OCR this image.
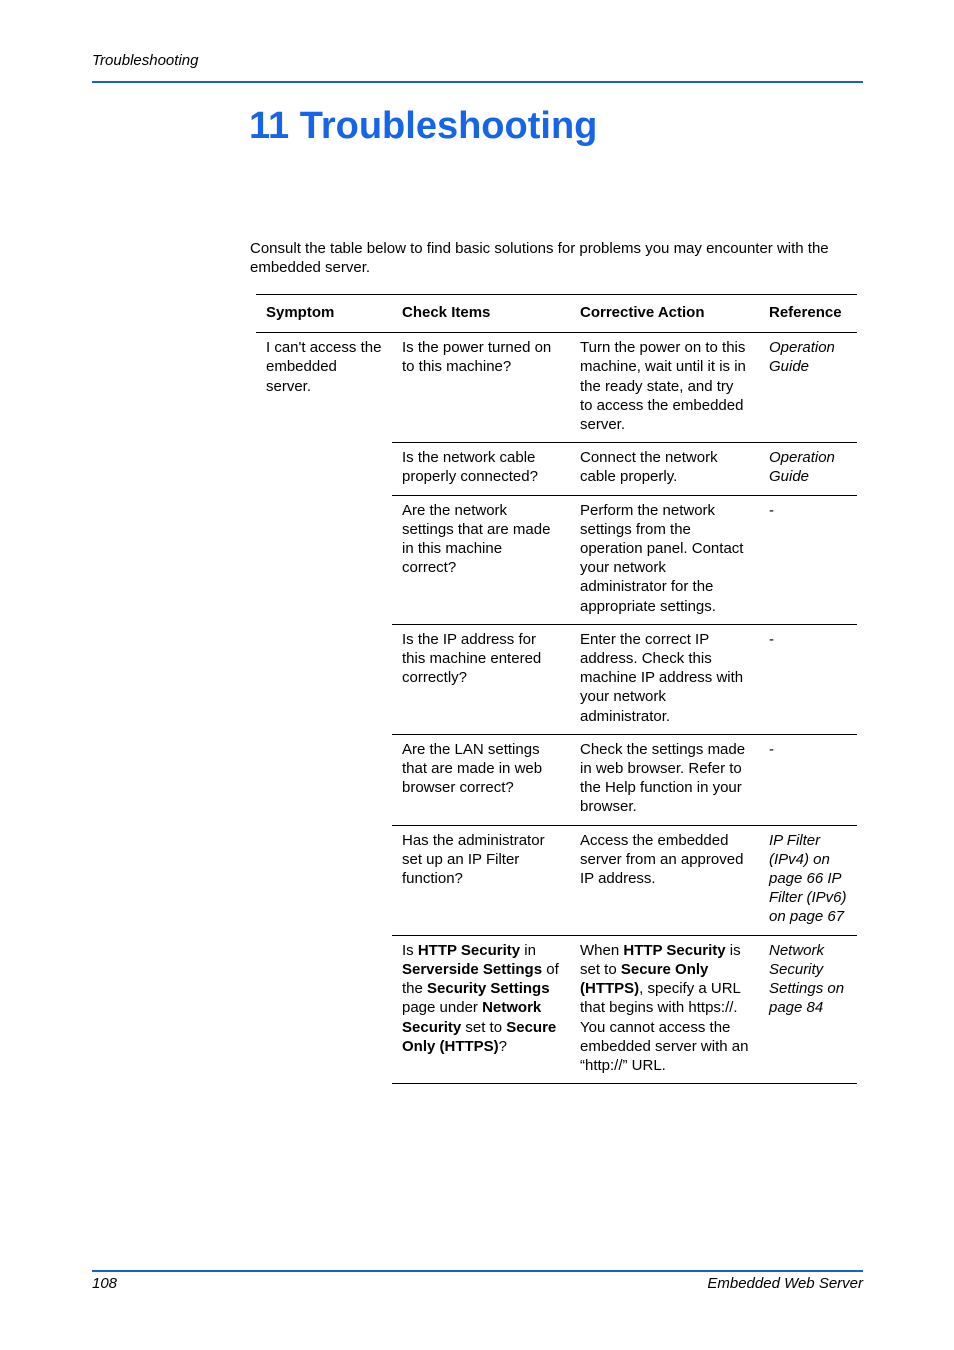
Troubleshooting
11 Troubleshooting

Consult the table below to find basic solutions for problems you may encounter with the embedded server.

Symptom	Check Items	Corrective Action	Reference
I can't access the embedded server.	Is the power turned on to this machine?	Turn the power on to this machine, wait until it is in the ready state, and try to access the embedded server.	Operation Guide
	Is the network cable properly connected?	Connect the network cable properly.	Operation Guide
	Are the network settings that are made in this machine correct?	Perform the network settings from the operation panel. Contact your network administrator for the appropriate settings.	-
	Is the IP address for this machine entered correctly?	Enter the correct IP address. Check this machine IP address with your network administrator.	-
	Are the LAN settings that are made in web browser correct?	Check the settings made in web browser. Refer to the Help function in your browser.	-
	Has the administrator set up an IP Filter function?	Access the embedded server from an approved IP address.	IP Filter (IPv4) on page 66 IP Filter (IPv6) on page 67
	Is HTTP Security in Serverside Settings of the Security Settings page under Network Security set to Secure Only (HTTPS)?	When HTTP Security is set to Secure Only (HTTPS), specify a URL that begins with https://. You cannot access the embedded server with an “http://” URL.	Network Security Settings on page 84
108	Embedded Web Server
